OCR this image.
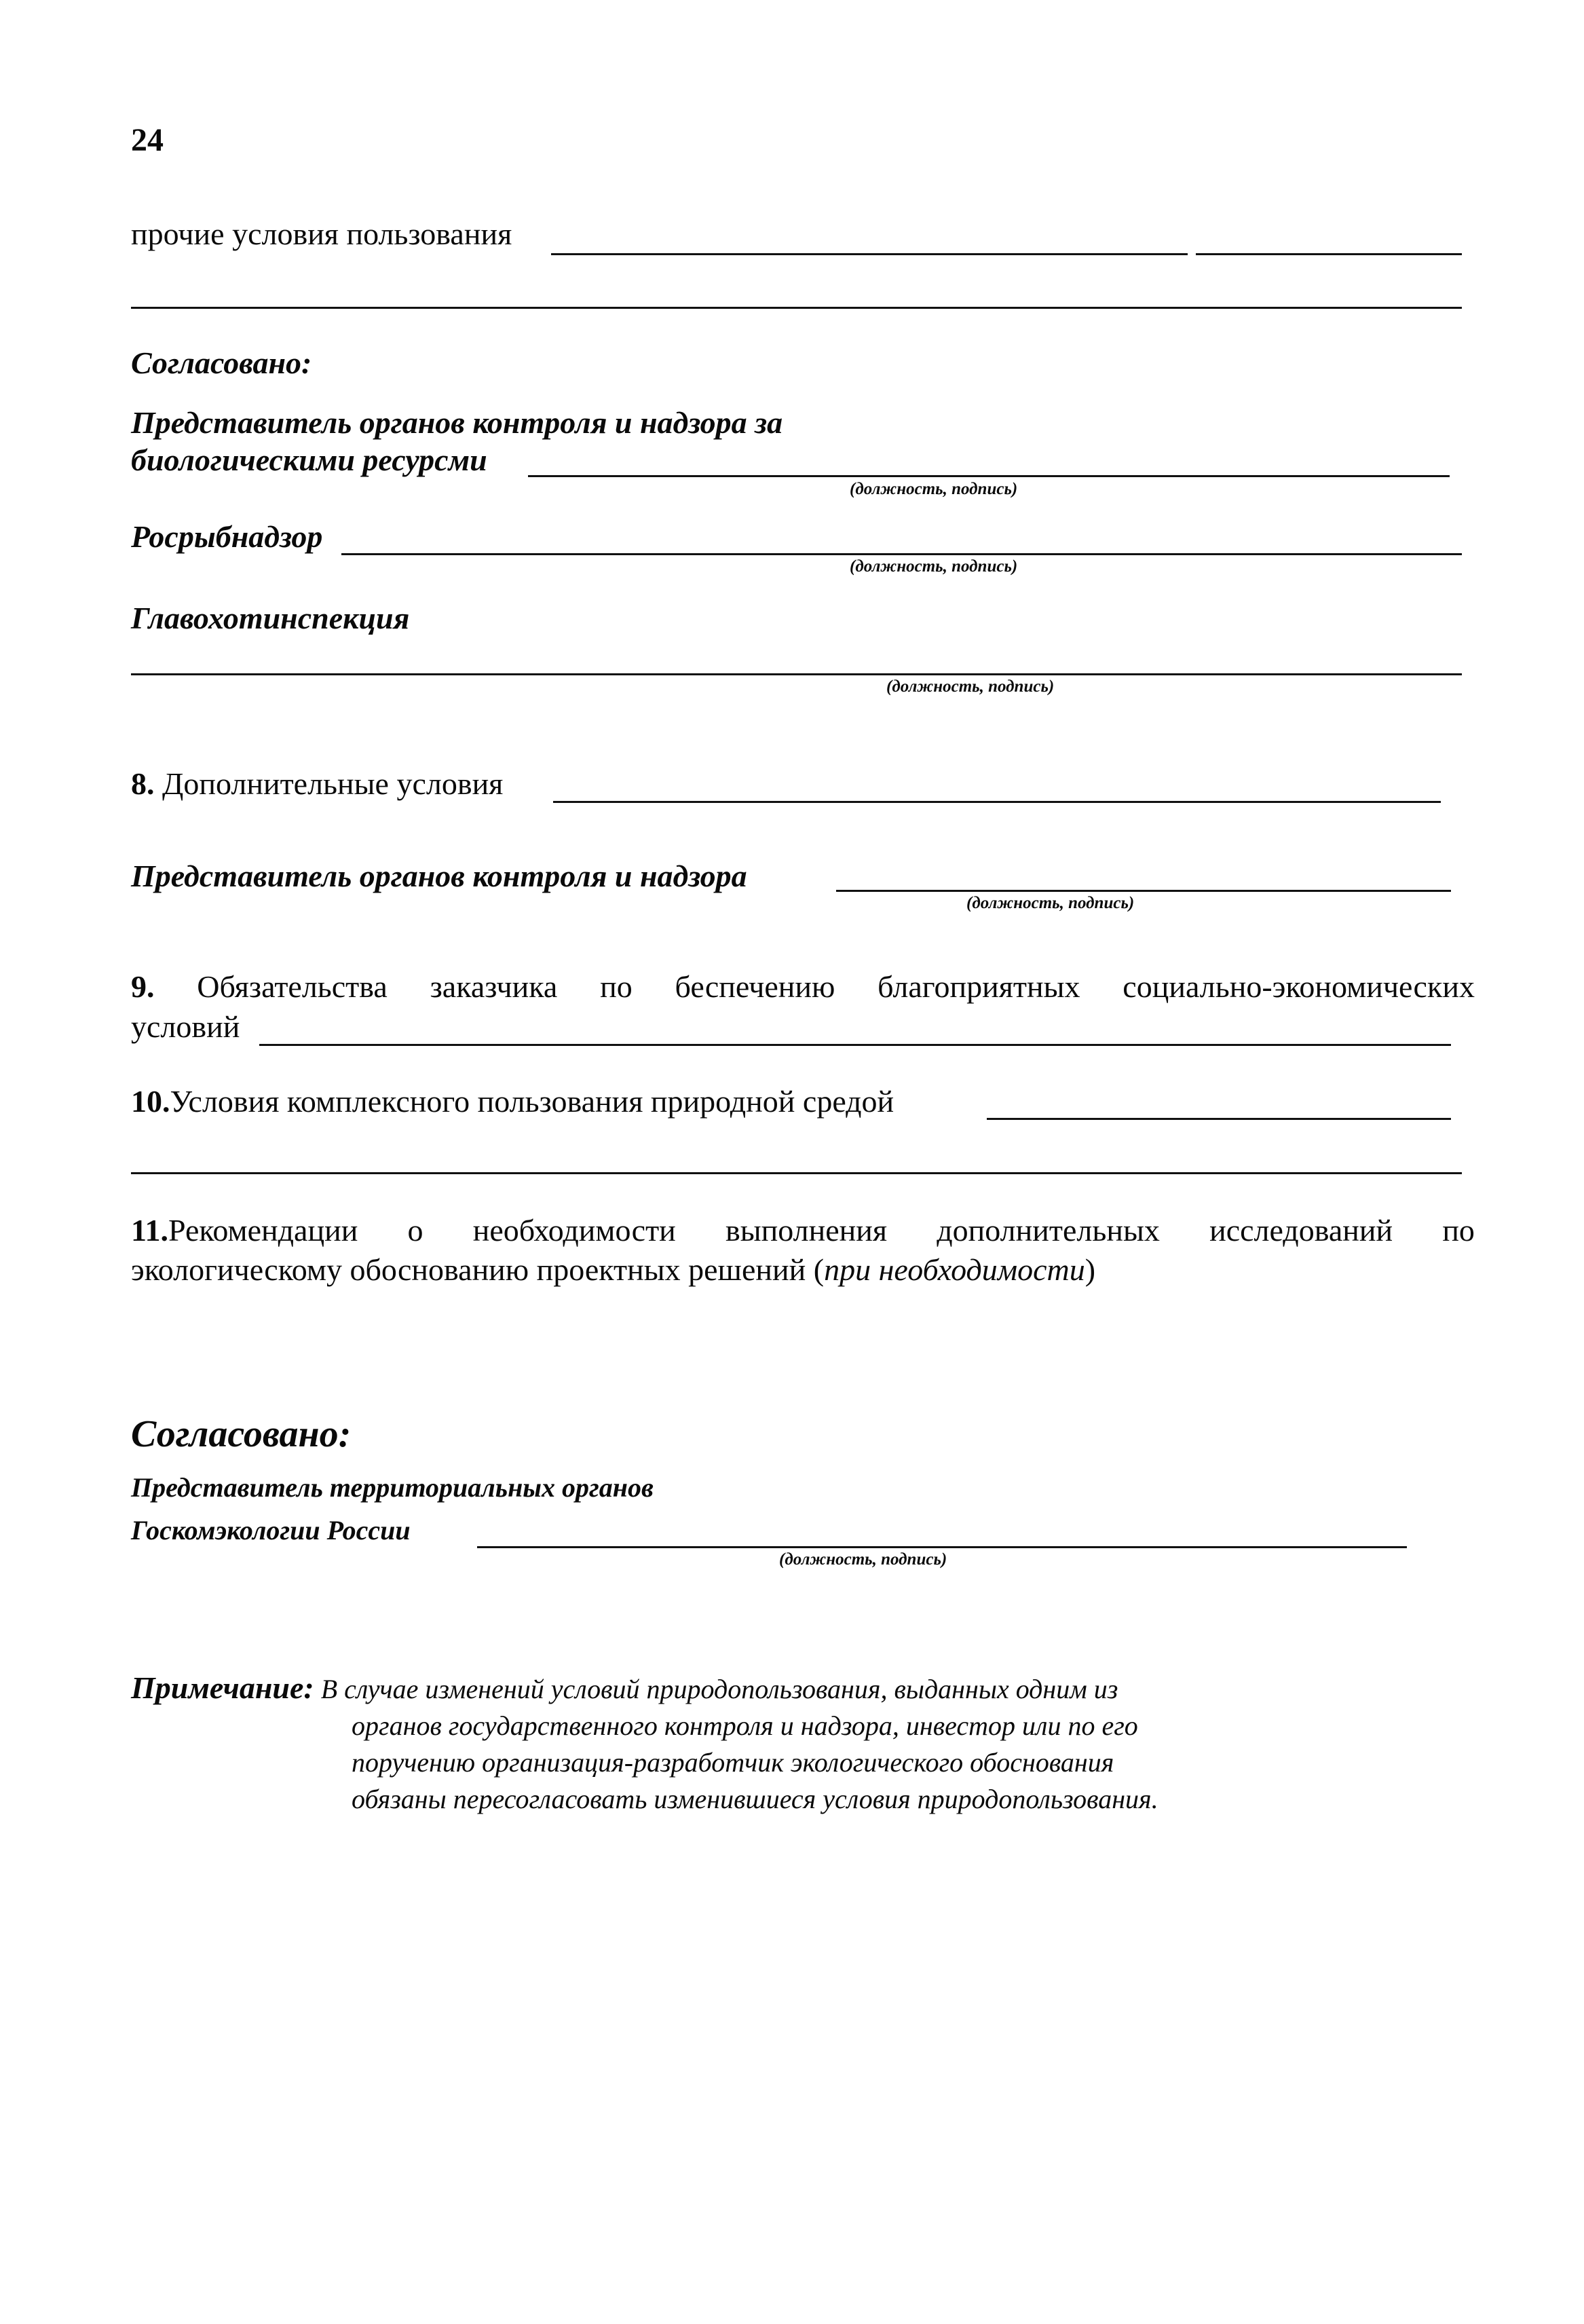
24
прочие условия пользования
Согласовано:
Представитель органов контроля и надзора за
биологическими ресурсми
(должность, подпись)
Росрыбнадзор
(должность, подпись)
Главохотинспекция
(должность, подпись)
8. Дополнительные условия
Представитель органов контроля и надзора
(должность, подпись)
9. Обязательства заказчика по беспечению благоприятных социально-экономических
условий
10.Условия комплексного пользования природной средой
11.Рекомендации о необходимости выполнения дополнительных исследований по
экологическому обоснованию проектных решений (при необходимости)
Согласовано:
Представитель территориальных органов
Госкомэкологии России
(должность, подпись)
Примечание: В случае изменений условий природопользования, выданных одним из
органов государственного контроля и надзора, инвестор или по его
поручению организация-разработчик экологического обоснования
обязаны пересогласовать изменившиеся условия природопользования.
